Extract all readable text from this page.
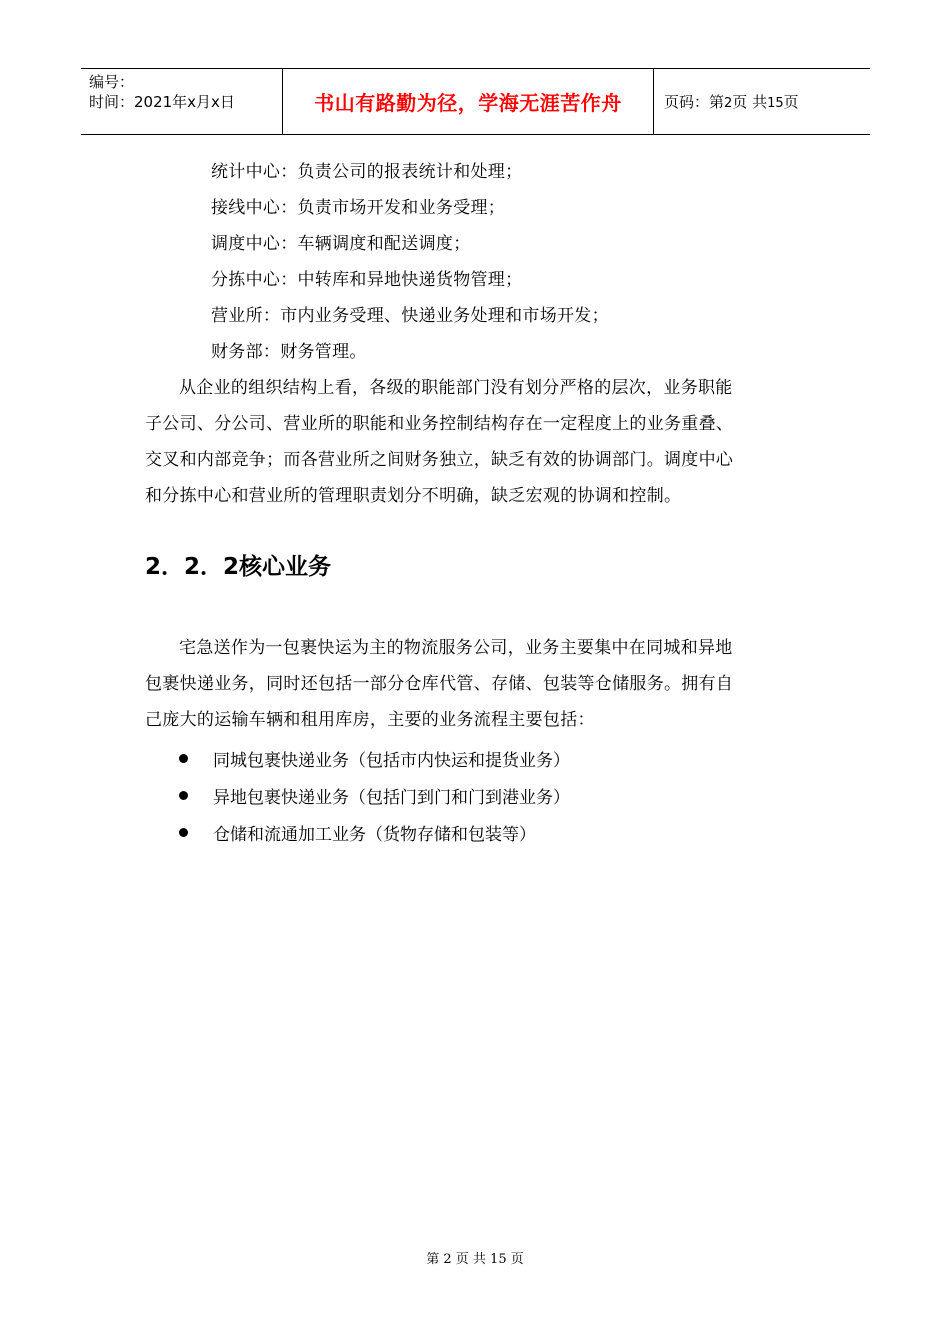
编号：
时间：2021年x月x日	书山有路勤为径，学海无涯苦作舟	页码：第2页 共15页
统计中心：负责公司的报表统计和处理；
接线中心：负责市场开发和业务受理；
调度中心：车辆调度和配送调度；
分拣中心：中转库和异地快递货物管理；
营业所：市内业务受理、快递业务处理和市场开发；
财务部：财务管理。
从企业的组织结构上看，各级的职能部门没有划分严格的层次，业务职能
子公司、分公司、营业所的职能和业务控制结构存在一定程度上的业务重叠、
交叉和内部竞争；而各营业所之间财务独立，缺乏有效的协调部门。调度中心
和分拣中心和营业所的管理职责划分不明确，缺乏宏观的协调和控制。
2．2．2核心业务
宅急送作为一包裹快运为主的物流服务公司，业务主要集中在同城和异地
包裹快递业务，同时还包括一部分仓库代管、存储、包装等仓储服务。拥有自
己庞大的运输车辆和租用库房，主要的业务流程主要包括：
同城包裹快递业务（包括市内快运和提货业务）
异地包裹快递业务（包括门到门和门到港业务）
仓储和流通加工业务（货物存储和包装等）
第 2 页 共 15 页
